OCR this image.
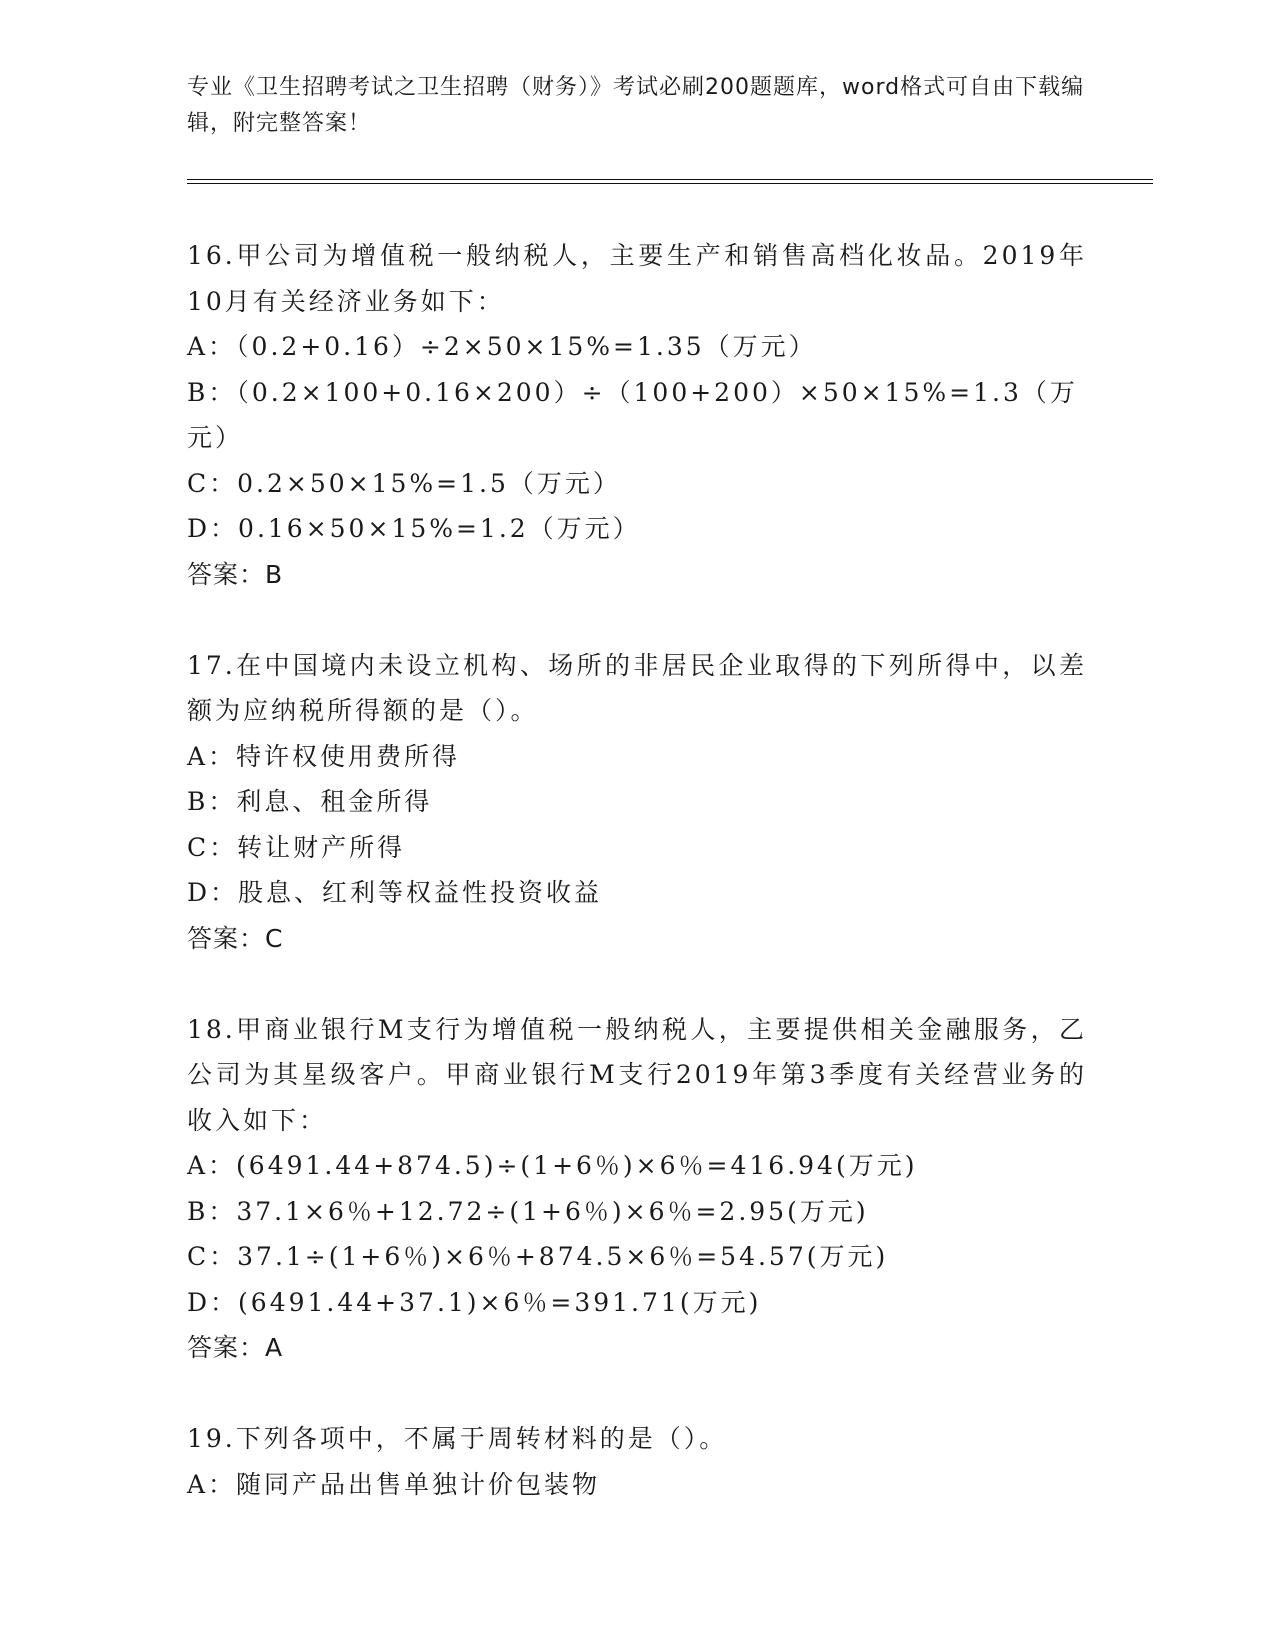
专业《卫生招聘考试之卫生招聘（财务）》考试必刷200题题库，word格式可自由下载编辑，附完整答案！

16.甲公司为增值税一般纳税人，主要生产和销售高档化妆品。2019年10月有关经济业务如下：

A：（0.2+0.16）÷2×50×15%=1.35（万元）

B：（0.2×100+0.16×200）÷（100+200）×50×15%=1.3（万元）

C：0.2×50×15%=1.5（万元）

D：0.16×50×15%=1.2（万元）

答案：B

17.在中国境内未设立机构、场所的非居民企业取得的下列所得中，以差额为应纳税所得额的是（）。

A：特许权使用费所得

B：利息、租金所得

C：转让财产所得

D：股息、红利等权益性投资收益

答案：C

18.甲商业银行M支行为增值税一般纳税人，主要提供相关金融服务，乙公司为其星级客户。甲商业银行M支行2019年第3季度有关经营业务的收入如下：

A：(6491.44+874.5)÷(1+6％)×6％=416.94(万元)

B：37.1×6％+12.72÷(1+6％)×6％=2.95(万元)

C：37.1÷(1+6％)×6％+874.5×6％=54.57(万元)

D：(6491.44+37.1)×6％=391.71(万元)

答案：A

19.下列各项中，不属于周转材料的是（）。

A：随同产品出售单独计价包装物
